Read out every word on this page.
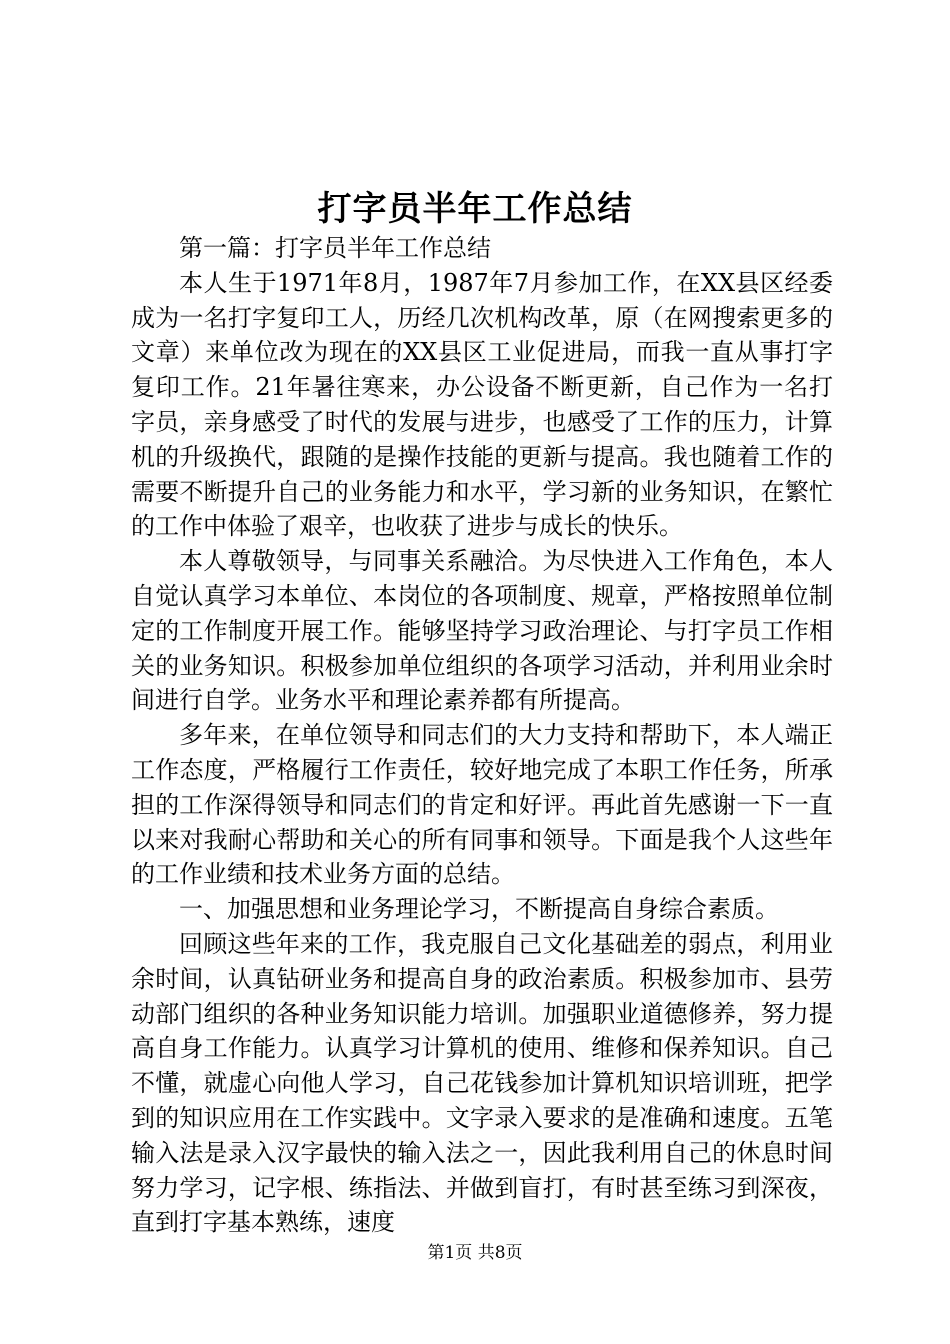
打字员半年工作总结

第一篇：打字员半年工作总结

本人生于1971年8月，1987年7月参加工作，在XX县区经委成为一名打字复印工人，历经几次机构改革，原（在网搜索更多的文章）来单位改为现在的XX县区工业促进局，而我一直从事打字复印工作。21年暑往寒来，办公设备不断更新，自己作为一名打字员，亲身感受了时代的发展与进步，也感受了工作的压力，计算机的升级换代，跟随的是操作技能的更新与提高。我也随着工作的需要不断提升自己的业务能力和水平，学习新的业务知识，在繁忙的工作中体验了艰辛，也收获了进步与成长的快乐。

本人尊敬领导，与同事关系融洽。为尽快进入工作角色，本人自觉认真学习本单位、本岗位的各项制度、规章，严格按照单位制定的工作制度开展工作。能够坚持学习政治理论、与打字员工作相关的业务知识。积极参加单位组织的各项学习活动，并利用业余时间进行自学。业务水平和理论素养都有所提高。

多年来，在单位领导和同志们的大力支持和帮助下，本人端正工作态度，严格履行工作责任，较好地完成了本职工作任务，所承担的工作深得领导和同志们的肯定和好评。再此首先感谢一下一直以来对我耐心帮助和关心的所有同事和领导。下面是我个人这些年的工作业绩和技术业务方面的总结。

一、加强思想和业务理论学习，不断提高自身综合素质。

回顾这些年来的工作，我克服自己文化基础差的弱点，利用业余时间，认真钻研业务和提高自身的政治素质。积极参加市、县劳动部门组织的各种业务知识能力培训。加强职业道德修养，努力提高自身工作能力。认真学习计算机的使用、维修和保养知识。自己不懂，就虚心向他人学习，自己花钱参加计算机知识培训班，把学到的知识应用在工作实践中。文字录入要求的是准确和速度。五笔输入法是录入汉字最快的输入法之一，因此我利用自己的休息时间努力学习，记字根、练指法、并做到盲打，有时甚至练习到深夜，直到打字基本熟练，速度

第1页 共8页
